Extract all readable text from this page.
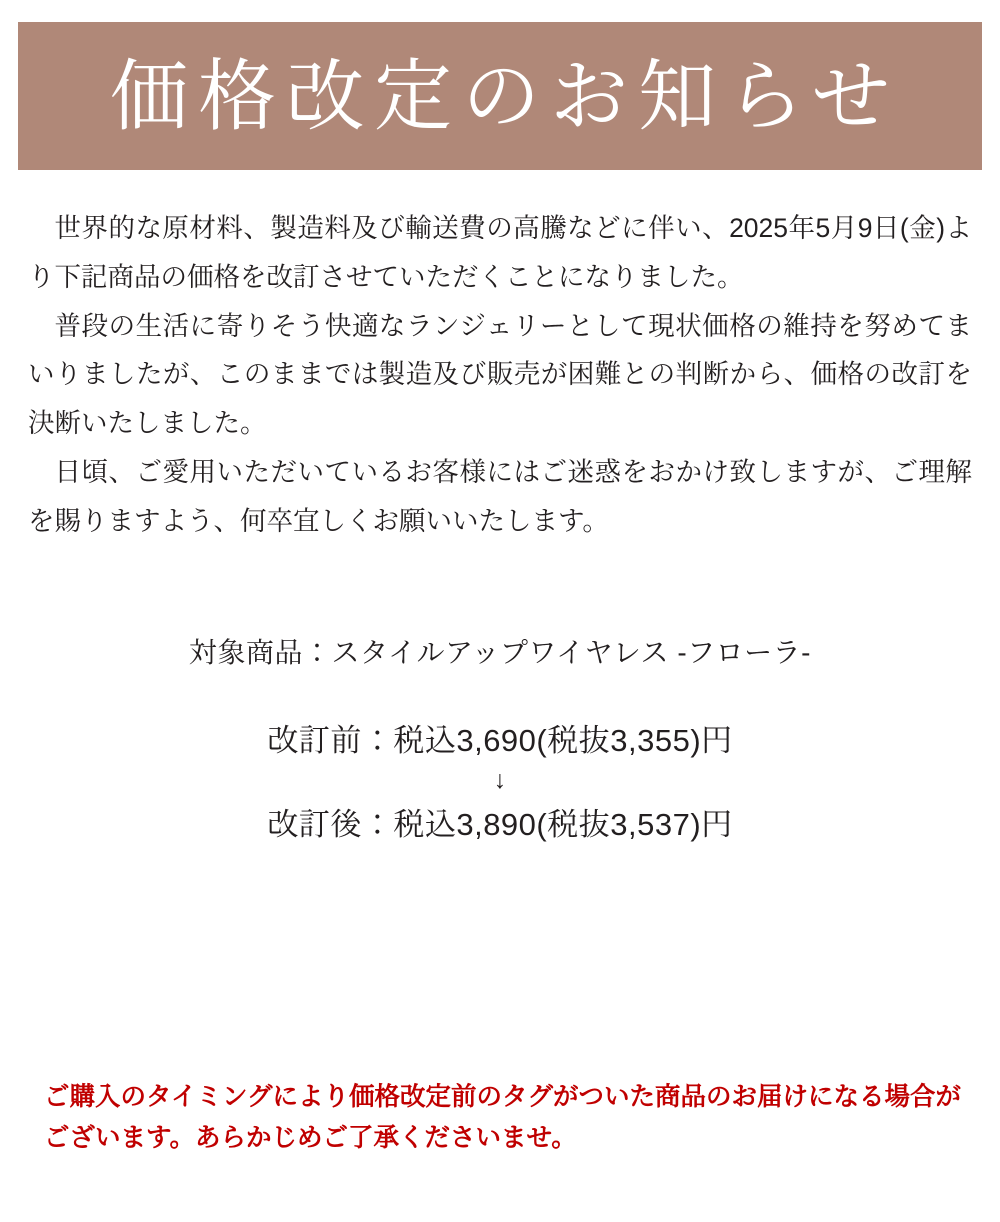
価格改定のお知らせ

世界的な原材料、製造料及び輸送費の高騰などに伴い、2025年5月9日(金)より下記商品の価格を改訂させていただくことになりました。

普段の生活に寄りそう快適なランジェリーとして現状価格の維持を努めてまいりましたが、このままでは製造及び販売が困難との判断から、価格の改訂を決断いたしました。

日頃、ご愛用いただいているお客様にはご迷惑をおかけ致しますが、ご理解を賜りますよう、何卒宜しくお願いいたします。

対象商品：スタイルアップワイヤレス -フローラ-
改訂前：税込3,690(税抜3,355)円
↓
改訂後：税込3,890(税抜3,537)円

ご購入のタイミングにより価格改定前のタグがついた商品のお届けになる場合がございます。あらかじめご了承くださいませ。
